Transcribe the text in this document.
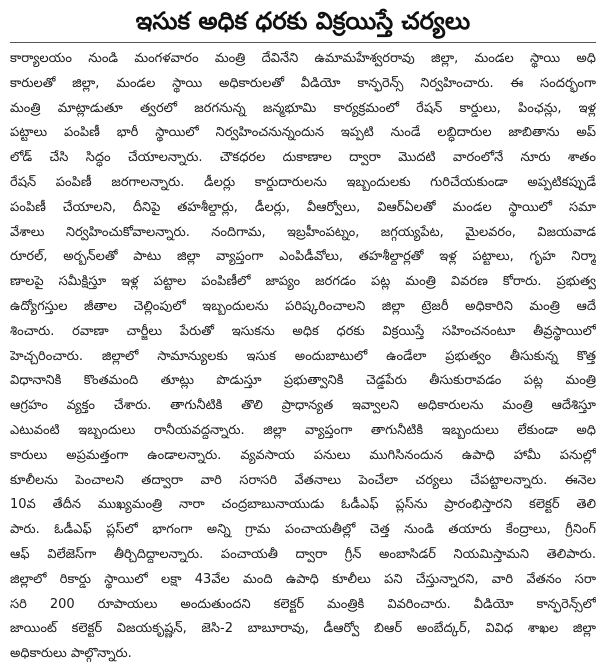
ఇసుక అధిక ధరకు విక్రయిస్తే చర్యలు
కార్యాలయం నుండి మంగళవారం మంత్రి దేవినేని ఉమామహేశ్వరరావు జిల్లా, మండల స్థాయి అధి
కారులతో జిల్లా, మండల స్థాయి అధికారులతో వీడియో కాన్ఫరెన్స్ నిర్వహించారు. ఈ సందర్భంగా
మంత్రి మాట్లాడుతూ త్వరలో జరగనున్న జన్మభూమి కార్యక్రమంలో రేషన్ కార్డులు, పింఛన్లు, ఇళ్ల
పట్టాలు పంపిణీ భారీ స్థాయిలో నిర్వహించనున్నందున ఇప్పటి నుండే లబ్ధిదారుల జాబితాను అప్
లోడ్ చేసి సిద్ధం చేయాలన్నారు. చౌకధరల దుకాణాల ద్వారా మొదటి వారంలోనే నూరు శాతం
రేషన్ పంపిణీ జరగాలన్నారు. డీలర్లు కార్డుదారులను ఇబ్బందులకు గురిచేయకుండా అప్పటికప్పుడే
పంపిణీ చేయాలని, దీనిపై తహశీల్దార్లు, డీలర్లు, వీఆర్వోలు, విఆర్ఏలతో మండల స్థాయిలో సమా
వేశాలు నిర్వహించుకోవాలన్నారు. నందిగామ, ఇబ్రహీంపట్నం, జగ్గయ్యపేట, మైలవరం, విజయవాడ
రూరల్, అర్బన్‌లతో పాటు జిల్లా వ్యాప్తంగా ఎంపిడీవోలు, తహశీల్దార్లతో ఇళ్ల పట్టాలు, గృహ నిర్మా
ణాలపై సమీక్షిస్తూ ఇళ్ల పట్టాల పంపిణీలో జాప్యం జరగడం పట్ల మంత్రి వివరణ కోరారు. ప్రభుత్వ
ఉద్యోగస్తుల జీతాల చెల్లింపులో ఇబ్బందులను పరిష్కరించాలని జిల్లా ట్రెజరీ అధికారిని మంత్రి ఆదే
శించారు. రవాణా చార్జీలు పేరుతో ఇసుకను అధిక ధరకు విక్రయిస్తే సహించనంటూ తీవ్రస్థాయిలో
హెచ్చరించారు. జిల్లాలో సామాన్యులకు ఇసుక అందుబాటులో ఉండేలా ప్రభుత్వం తీసుకున్న కొత్త
విధానానికి కొంతమంది తూట్లు పొడుస్తూ ప్రభుత్వానికి చెడ్డపేరు తీసుకురావడం పట్ల మంత్రి
ఆగ్రహం వ్యక్తం చేశారు. తాగునీటికి తొలి ప్రాధాన్యత ఇవ్వాలని అధికారులను మంత్రి ఆదేశిస్తూ
ఎటువంటి ఇబ్బందులు రానీయవద్దన్నారు. జిల్లా వ్యాప్తంగా తాగునీటికి ఇబ్బందులు లేకుండా అధి
కారులు అప్రమత్తంగా ఉండాలన్నారు. వ్యవసాయ పనులు ముగిసినందున ఉపాధి హామీ పనుల్లో
కూలీలను పెంచాలని తద్వారా వారి సరాసరి వేతనాలు పెంచేలా చర్యలు చేపట్టాలన్నారు. ఈనెల
10వ తేదీన ముఖ్యమంత్రి నారా చంద్రబాబునాయుడు ఓడీఎఫ్ ప్లస్‌ను ప్రారంభిస్తారని కలెక్టర్ తెలి
పారు. ఓడీఎఫ్ ప్లస్‌లో భాగంగా అన్ని గ్రామ పంచాయతీల్లో చెత్త నుండి తయారు కేంద్రాలు, గ్రీనింగ్
ఆఫ్ విలేజెస్‌గా తీర్చిదిద్దాలన్నారు. పంచాయతీ ద్వారా గ్రీన్ అంబాసిడర్ నియమిస్తామని తెలిపారు.
జిల్లాలో రికార్డు స్థాయిలో లక్షా 43వేల మంది ఉపాధి కూలీలు పని చేస్తున్నారని, వారి వేతనం సరా
సరి 200 రూపాయలు అందుతుందని కలెక్టర్ మంత్రికి వివరించారు. వీడియో కాన్ఫరెన్స్‌లో
జాయింట్ కలెక్టర్ విజయకృష్ణన్, జెసి-2 బాబూరావు, డీఆర్వో బిఆర్ అంబేద్కర్, వివిధ శాఖల జిల్లా
అధికారులు పాల్గొన్నారు.
